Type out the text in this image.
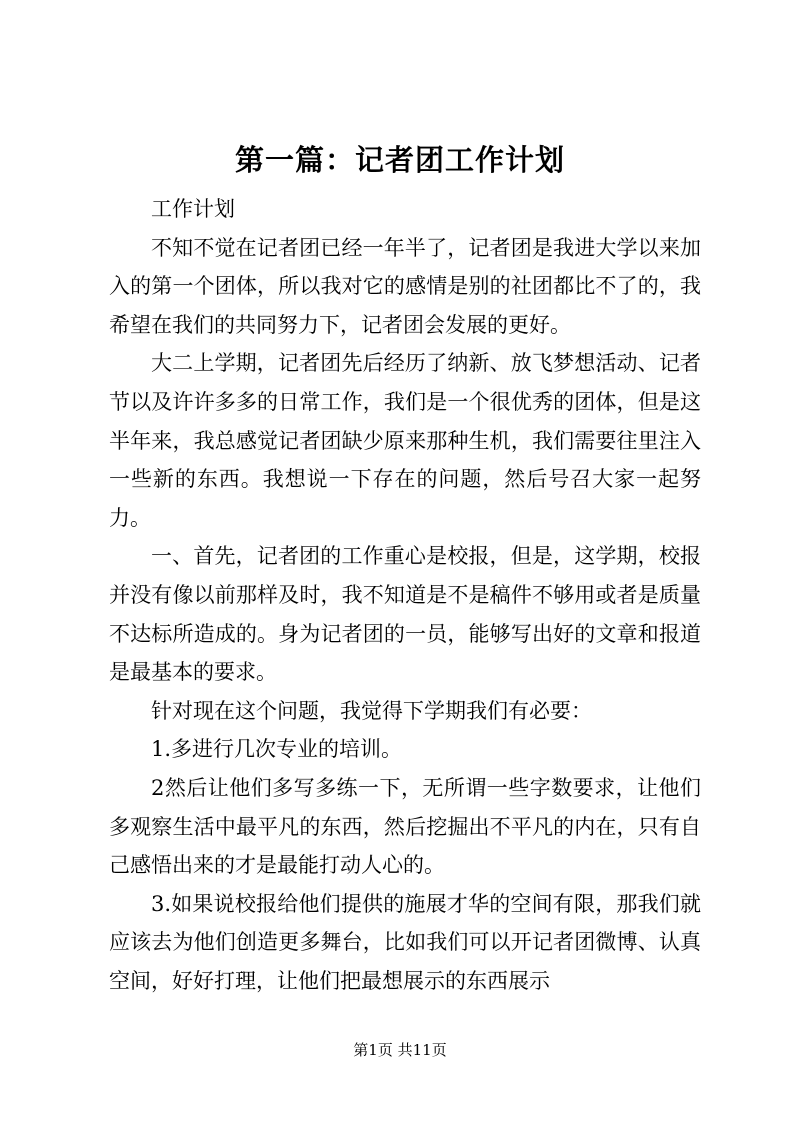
第一篇：记者团工作计划

工作计划

不知不觉在记者团已经一年半了，记者团是我进大学以来加入的第一个团体，所以我对它的感情是别的社团都比不了的，我希望在我们的共同努力下，记者团会发展的更好。

大二上学期，记者团先后经历了纳新、放飞梦想活动、记者节以及许许多多的日常工作，我们是一个很优秀的团体，但是这半年来，我总感觉记者团缺少原来那种生机，我们需要往里注入一些新的东西。我想说一下存在的问题，然后号召大家一起努力。

一、首先，记者团的工作重心是校报，但是，这学期，校报并没有像以前那样及时，我不知道是不是稿件不够用或者是质量不达标所造成的。身为记者团的一员，能够写出好的文章和报道是最基本的要求。

针对现在这个问题，我觉得下学期我们有必要：

1.多进行几次专业的培训。

2然后让他们多写多练一下，无所谓一些字数要求，让他们多观察生活中最平凡的东西，然后挖掘出不平凡的内在，只有自己感悟出来的才是最能打动人心的。

3.如果说校报给他们提供的施展才华的空间有限，那我们就应该去为他们创造更多舞台，比如我们可以开记者团微博、认真空间，好好打理，让他们把最想展示的东西展示

第1页 共11页
